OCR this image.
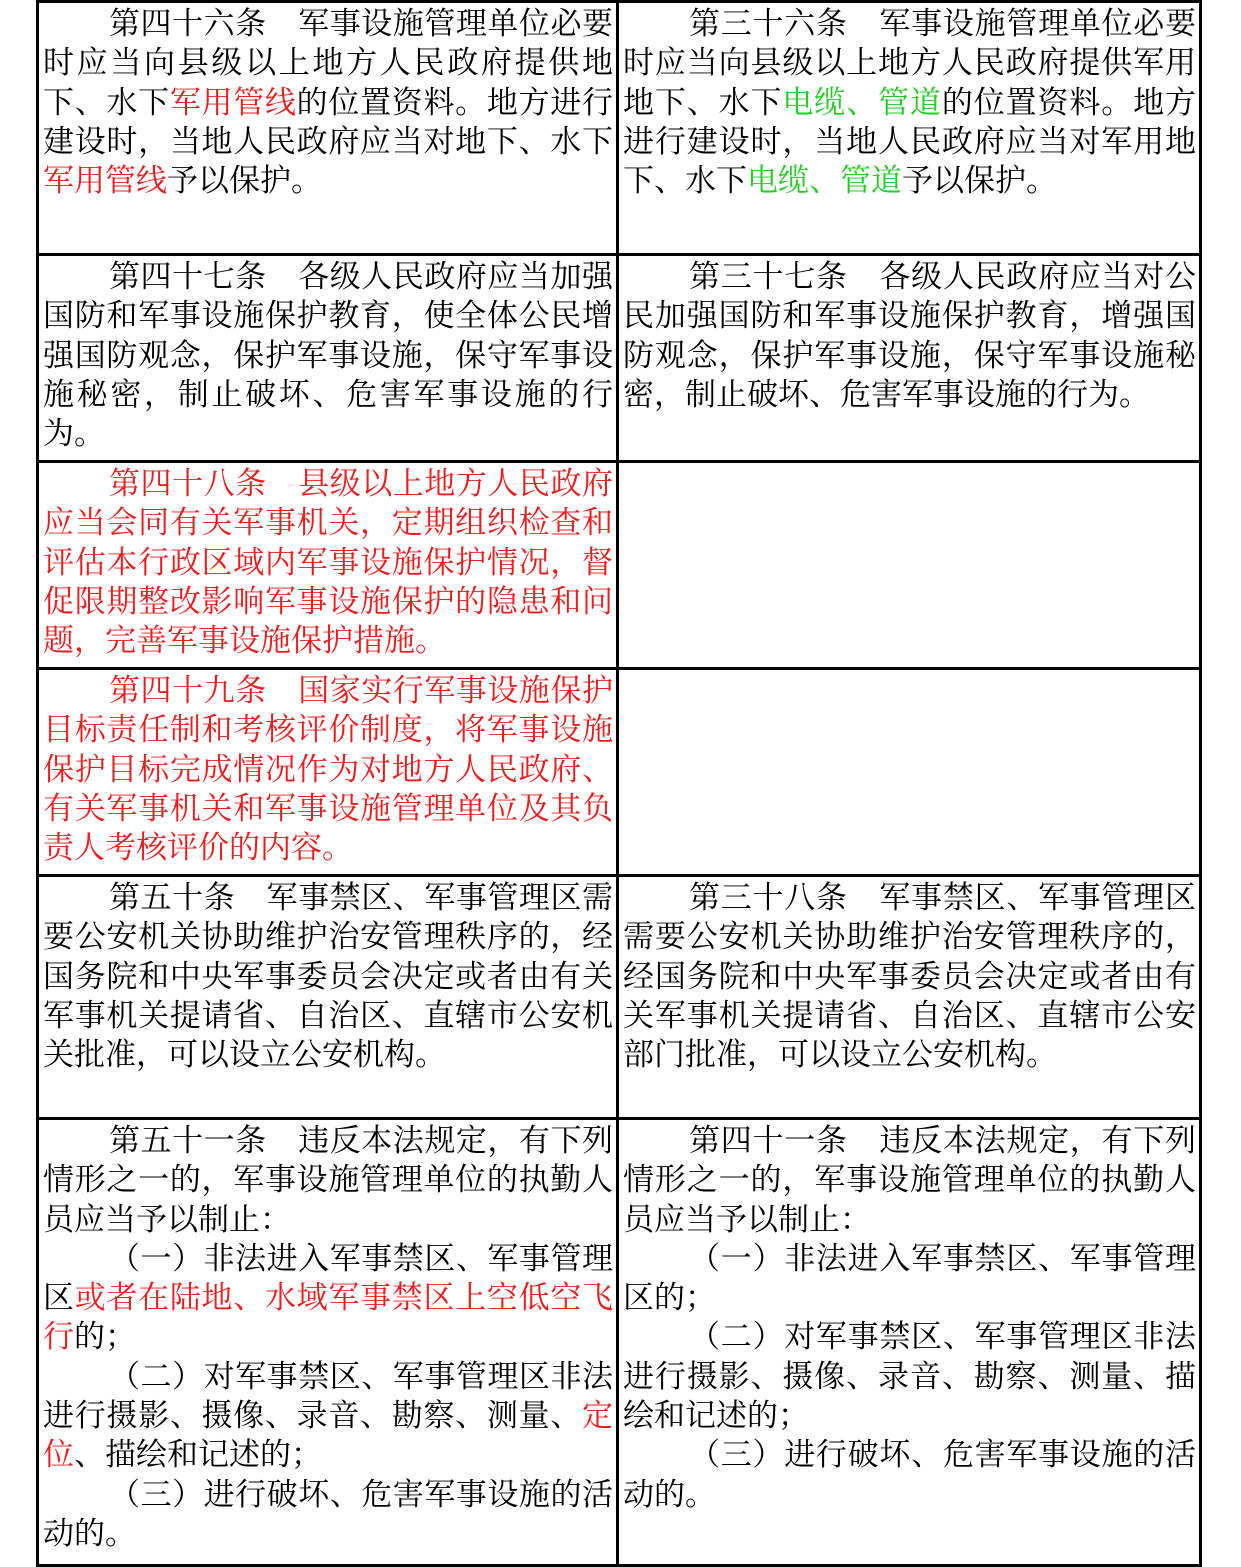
第四十六条　军事设施管理单位必要时应当向县级以上地方人民政府提供地下、水下军用管线的位置资料。地方进行建设时，当地人民政府应当对地下、水下军用管线予以保护。

第三十六条　军事设施管理单位必要时应当向县级以上地方人民政府提供军用地下、水下电缆、管道的位置资料。地方进行建设时，当地人民政府应当对军用地下、水下电缆、管道予以保护。

第四十七条　各级人民政府应当加强国防和军事设施保护教育，使全体公民增强国防观念，保护军事设施，保守军事设施秘密，制止破坏、危害军事设施的行为。

第三十七条　各级人民政府应当对公民加强国防和军事设施保护教育，增强国防观念，保护军事设施，保守军事设施秘密，制止破坏、危害军事设施的行为。

第四十八条　县级以上地方人民政府应当会同有关军事机关，定期组织检查和评估本行政区域内军事设施保护情况，督促限期整改影响军事设施保护的隐患和问题，完善军事设施保护措施。

第四十九条　国家实行军事设施保护目标责任制和考核评价制度，将军事设施保护目标完成情况作为对地方人民政府、有关军事机关和军事设施管理单位及其负责人考核评价的内容。

第五十条　军事禁区、军事管理区需要公安机关协助维护治安管理秩序的，经国务院和中央军事委员会决定或者由有关军事机关提请省、自治区、直辖市公安机关批准，可以设立公安机构。

第三十八条　军事禁区、军事管理区需要公安机关协助维护治安管理秩序的，经国务院和中央军事委员会决定或者由有关军事机关提请省、自治区、直辖市公安部门批准，可以设立公安机构。

第五十一条　违反本法规定，有下列情形之一的，军事设施管理单位的执勤人员应当予以制止：

（一）非法进入军事禁区、军事管理区或者在陆地、水域军事禁区上空低空飞行的；

（二）对军事禁区、军事管理区非法进行摄影、摄像、录音、勘察、测量、定位、描绘和记述的；

（三）进行破坏、危害军事设施的活动的。

第四十一条　违反本法规定，有下列情形之一的，军事设施管理单位的执勤人员应当予以制止：

（一）非法进入军事禁区、军事管理区的；

（二）对军事禁区、军事管理区非法进行摄影、摄像、录音、勘察、测量、描绘和记述的；

（三）进行破坏、危害军事设施的活动的。
